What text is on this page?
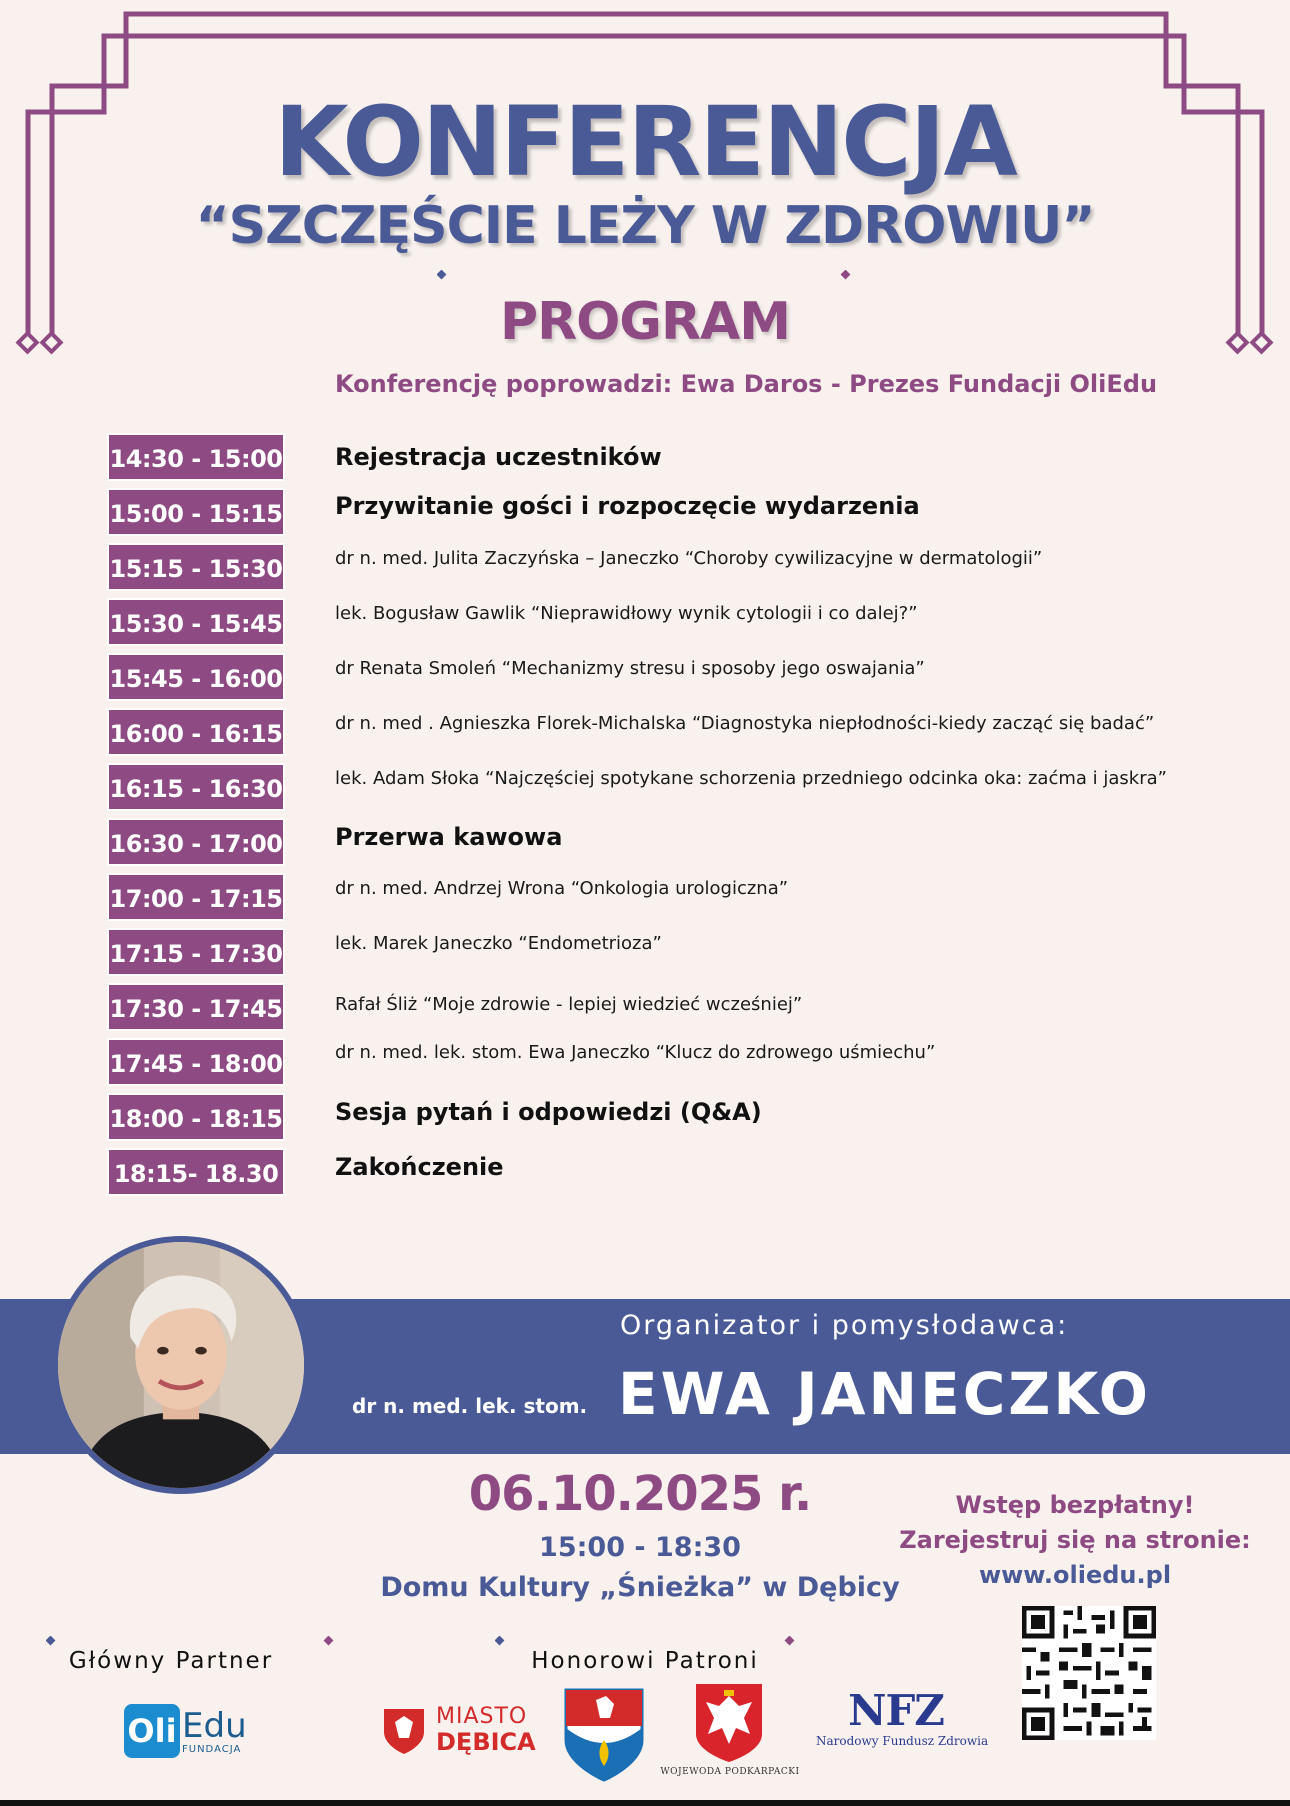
KONFERENCJA
“SZCZĘŚCIE LEŻY W ZDROWIU”
PROGRAM
Konferencję poprowadzi: Ewa Daros - Prezes Fundacji OliEdu
14:30 - 15:00 Rejestracja uczestników
15:00 - 15:15 Przywitanie gości i rozpoczęcie wydarzenia
15:15 - 15:30	dr n. med. Julita Zaczyńska – Janeczko “Choroby cywilizacyjne w dermatologii”
15:30 - 15:45	lek. Bogusław Gawlik “Nieprawidłowy wynik cytologii i co dalej?”
15:45 - 16:00	dr Renata Smoleń “Mechanizmy stresu i sposoby jego oswajania”
16:00 - 16:15	dr n. med . Agnieszka Florek-Michalska “Diagnostyka niepłodności-kiedy zacząć się badać”
16:15 - 16:30	lek. Adam Słoka “Najczęściej spotykane schorzenia przedniego odcinka oka: zaćma i jaskra”
16:30 - 17:00 Przerwa kawowa
17:00 - 17:15	dr n. med. Andrzej Wrona “Onkologia urologiczna”
17:15 - 17:30	lek. Marek Janeczko “Endometrioza”
17:30 - 17:45	Rafał Śliż “Moje zdrowie - lepiej wiedzieć wcześniej”
17:45 - 18:00	dr n. med. lek. stom. Ewa Janeczko “Klucz do zdrowego uśmiechu”
18:00 - 18:15 Sesja pytań i odpowiedzi (Q&A)
18:15- 18.30 Zakończenie
Organizator i pomysłodawca:
dr n. med. lek. stom. EWA JANECZKO
06.10.2025 r.
15:00 - 18:30
Domu Kultury „Śnieżka” w Dębicy
Wstęp bezpłatny!
Zarejestruj się na stronie:
www.oliedu.pl
Główny Partner	Honorowi Patroni
Oli Edu
FUNDACJA
MIASTO
DĘBICA
WOJEWODA PODKARPACKI
NFZ
Narodowy Fundusz Zdrowia
